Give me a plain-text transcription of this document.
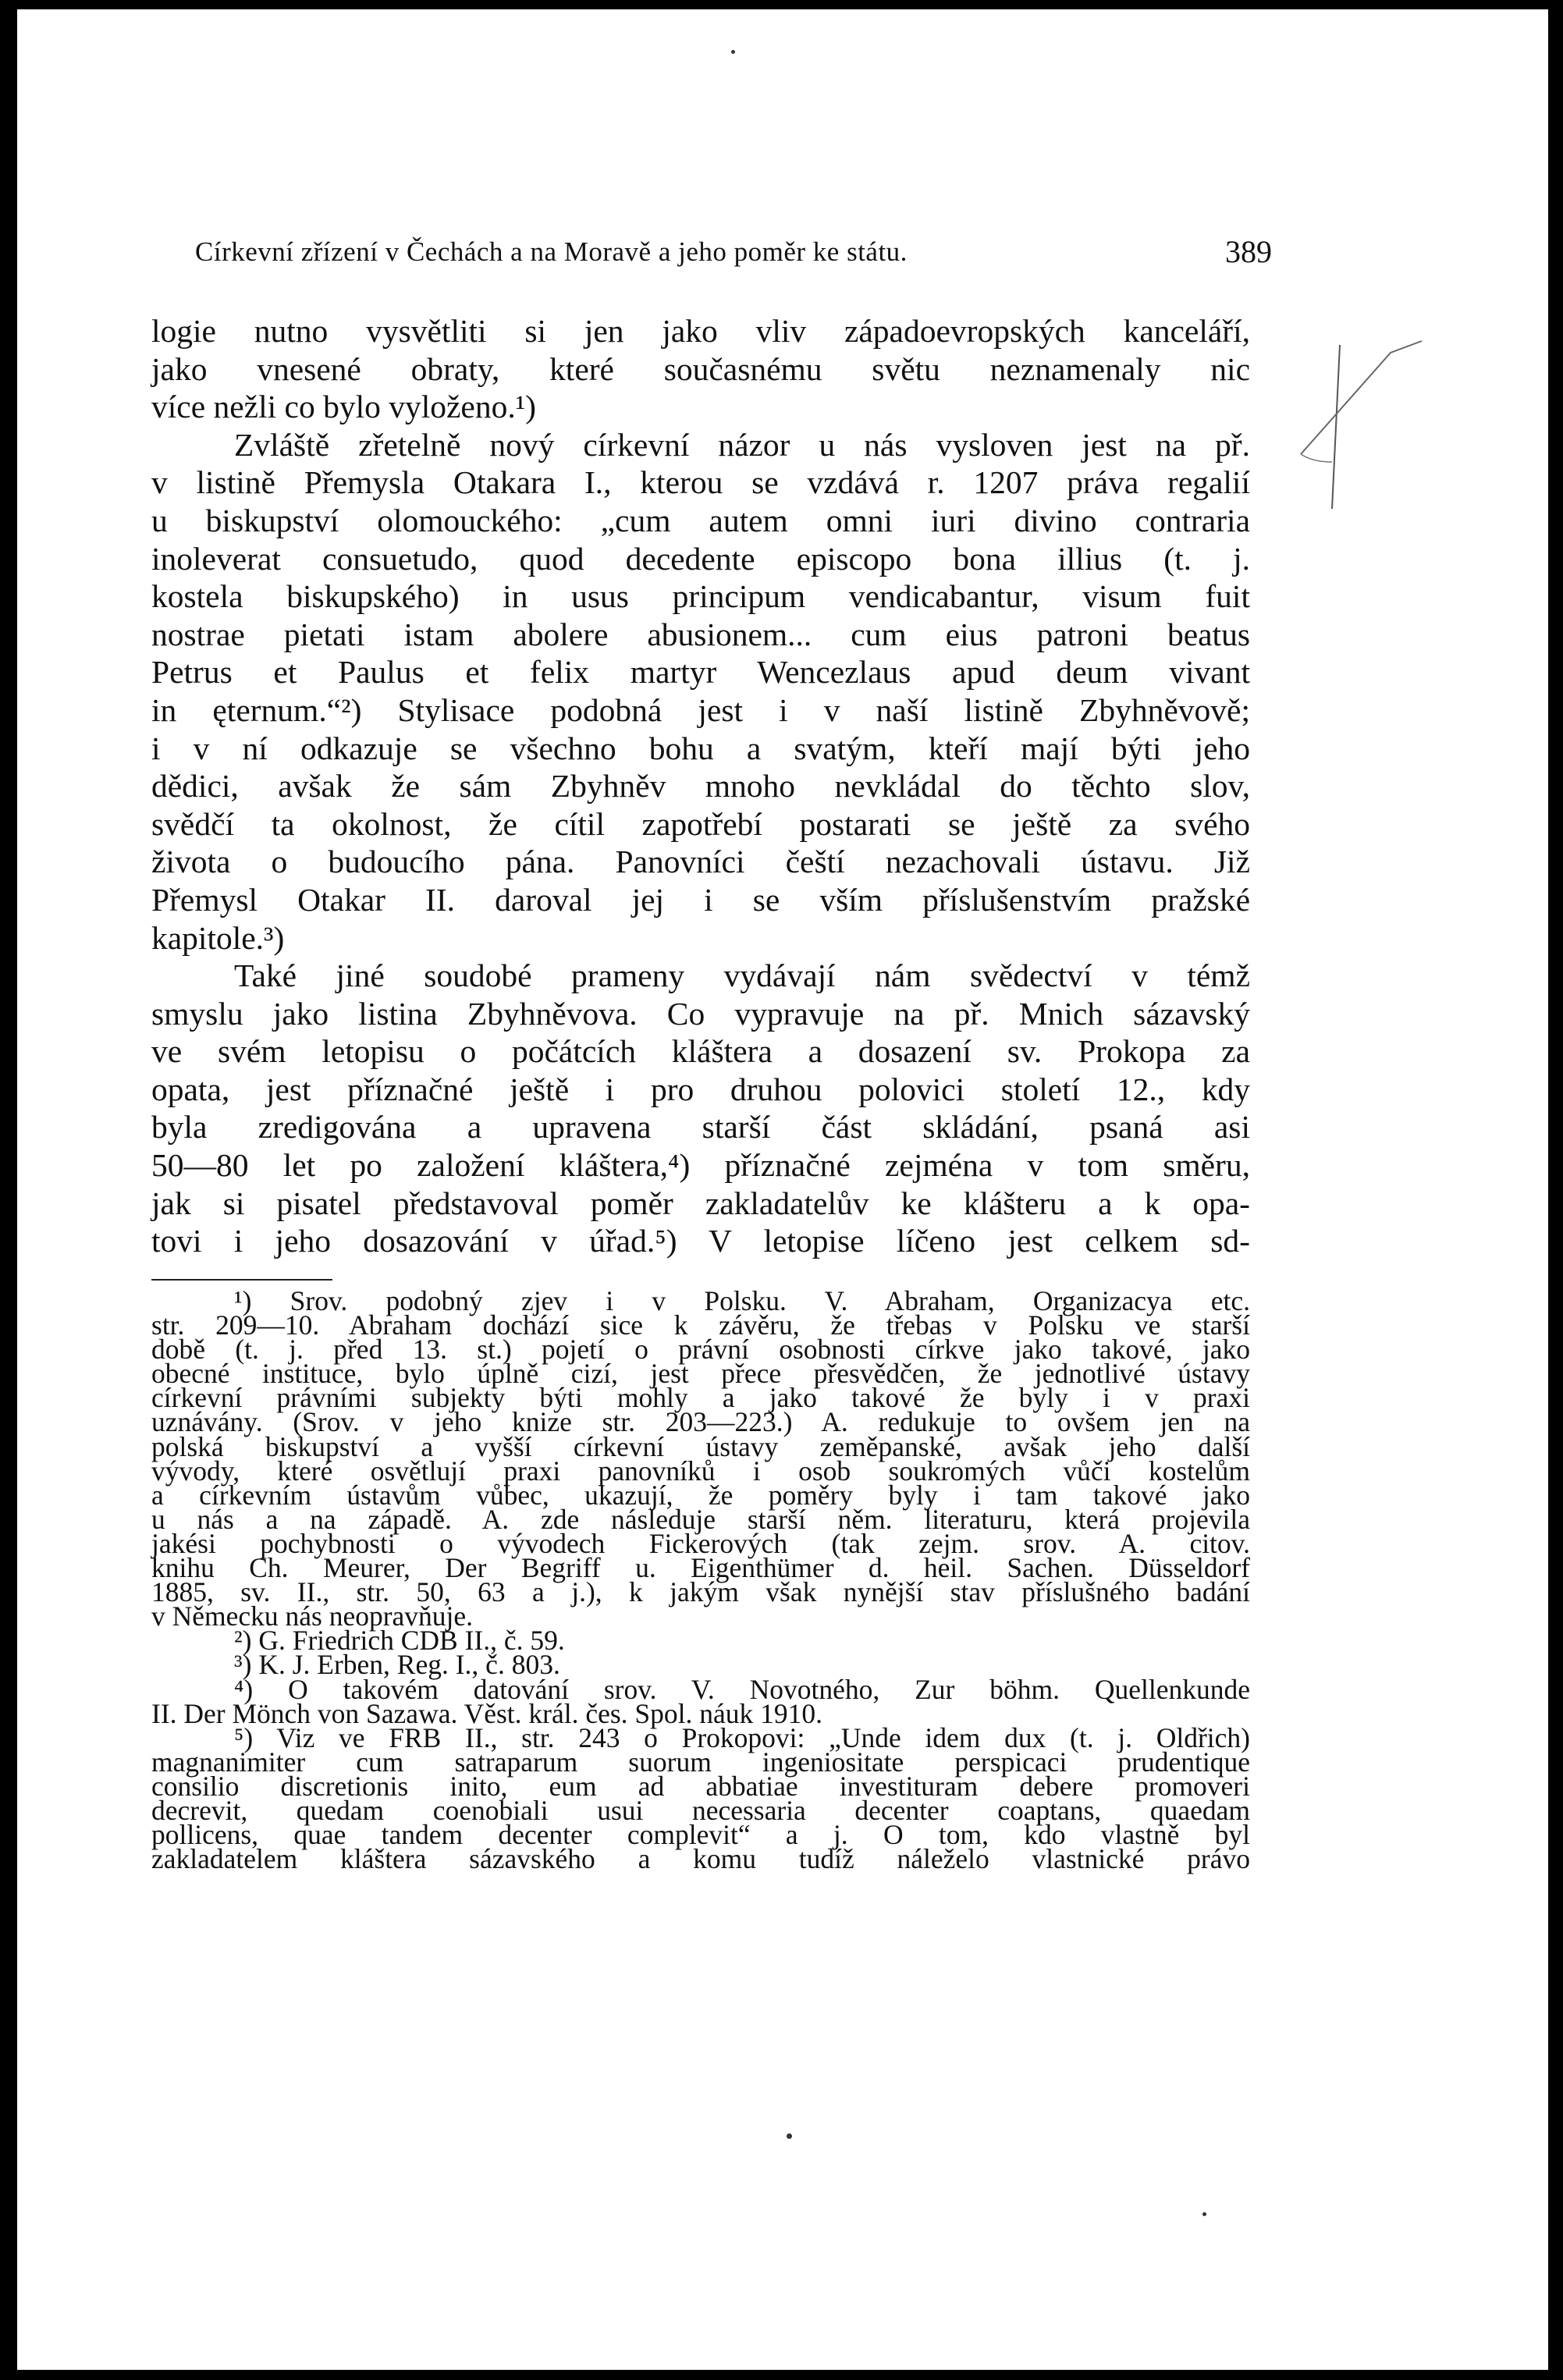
Církevní zřízení v Čechách a na Moravě a jeho poměr ke státu.	389
logie nutno vysvětliti si jen jako vliv západoevropských kanceláří,
jako vnesené obraty, které současnému světu neznamenaly nic
více nežli co bylo vyloženo.¹)
Zvláště zřetelně nový církevní názor u nás vysloven jest na př.
v listině Přemysla Otakara I., kterou se vzdává r. 1207 práva regalií
u biskupství olomouckého: „cum autem omni iuri divino contraria
inoleverat consuetudo, quod decedente episcopo bona illius (t. j.
kostela biskupského) in usus principum vendicabantur, visum fuit
nostrae pietati istam abolere abusionem... cum eius patroni beatus
Petrus et Paulus et felix martyr Wencezlaus apud deum vivant
in ęternum.“²) Stylisace podobná jest i v naší listině Zbyhněvově;
i v ní odkazuje se všechno bohu a svatým, kteří mají býti jeho
dědici, avšak že sám Zbyhněv mnoho nevkládal do těchto slov,
svědčí ta okolnost, že cítil zapotřebí postarati se ještě za svého
života o budoucího pána. Panovníci čeští nezachovali ústavu. Již
Přemysl Otakar II. daroval jej i se vším příslušenstvím pražské
kapitole.³)
Také jiné soudobé prameny vydávají nám svědectví v témž
smyslu jako listina Zbyhněvova. Co vypravuje na př. Mnich sázavský
ve svém letopisu o počátcích kláštera a dosazení sv. Prokopa za
opata, jest příznačné ještě i pro druhou polovici století 12., kdy
byla zredigována a upravena starší část skládání, psaná asi
50—80 let po založení kláštera,⁴) příznačné zejména v tom směru,
jak si pisatel představoval poměr zakladatelův ke klášteru a k opa-
tovi i jeho dosazování v úřad.⁵) V letopise líčeno jest celkem sd-
¹) Srov. podobný zjev i v Polsku. V. Abraham, Organizacya etc.
str. 209—10. Abraham dochází sice k závěru, že třebas v Polsku ve starší
době (t. j. před 13. st.) pojetí o právní osobnosti církve jako takové, jako
obecné instituce, bylo úplně cizí, jest přece přesvědčen, že jednotlivé ústavy
církevní právními subjekty býti mohly a jako takové že byly i v praxi
uznávány. (Srov. v jeho knize str. 203—223.) A. redukuje to ovšem jen na
polská biskupství a vyšší církevní ústavy zeměpanské, avšak jeho další
vývody, které osvětlují praxi panovníků i osob soukromých vůči kostelům
a církevním ústavům vůbec, ukazují, že poměry byly i tam takové jako
u nás a na západě. A. zde následuje starší něm. literaturu, která projevila
jakési pochybnosti o vývodech Fickerových (tak zejm. srov. A. citov.
knihu Ch. Meurer, Der Begriff u. Eigenthümer d. heil. Sachen. Düsseldorf
1885, sv. II., str. 50, 63 a j.), k jakým však nynější stav příslušného badání
v Německu nás neopravňuje.
²) G. Friedrich CDB II., č. 59.
³) K. J. Erben, Reg. I., č. 803.
⁴) O takovém datování srov. V. Novotného, Zur böhm. Quellenkunde
II. Der Mönch von Sazawa. Věst. král. čes. Spol. náuk 1910.
⁵) Viz ve FRB II., str. 243 o Prokopovi: „Unde idem dux (t. j. Oldřich)
magnanimiter cum satraparum suorum ingeniositate perspicaci prudentique
consilio discretionis inito, eum ad abbatiae investituram debere promoveri
decrevit, quedam coenobiali usui necessaria decenter coaptans, quaedam
pollicens, quae tandem decenter complevit“ a j. O tom, kdo vlastně byl
zakladatelem kláštera sázavského a komu tudíž náleželo vlastnické právo
